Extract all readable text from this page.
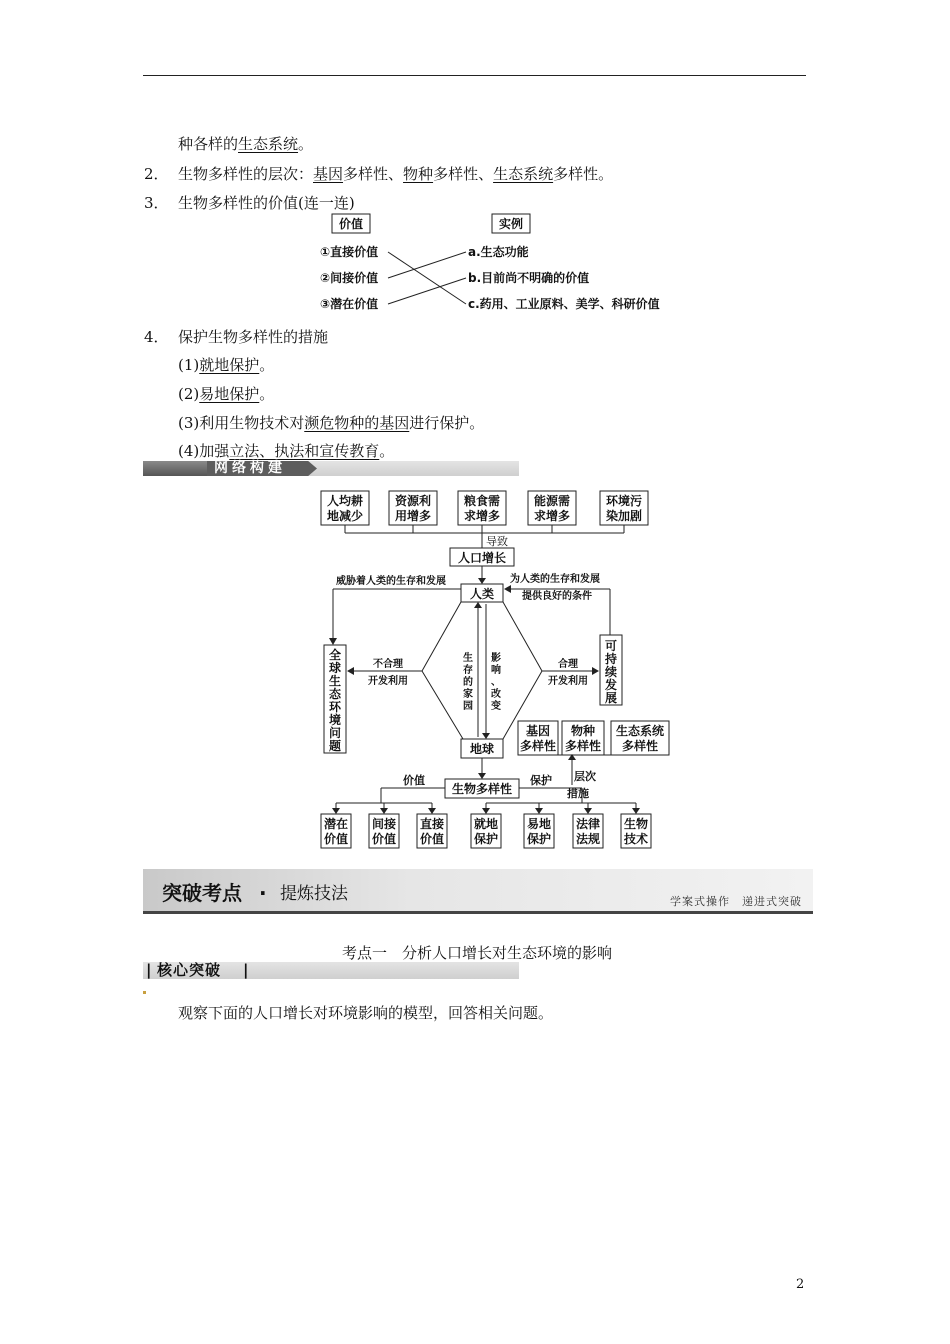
种各样的生态系统。
2． 生物多样性的层次：基因多样性、物种多样性、生态系统多样性。
3． 生物多样性的价值(连一连)
价值	实例
①直接价值
②间接价值
③潜在价值
a.生态功能
b.目前尚不明确的价值
c.药用、工业原料、美学、科研价值
4． 保护生物多样性的措施
(1)就地保护。
(2)易地保护。
(3)利用生物技术对濒危物种的基因进行保护。
(4)加强立法、执法和宣传教育。
网络构建
人均耕
地减少
资源利
用增多
粮食需
求增多
能源需
求增多
环境污
染加剧
导致
人口增长
人类
威胁着人类的生存和发展	为人类的生存和发展
提供良好的条件
全球生态环境问题
可持续发展
不合理
开发利用
合理
开发利用
生存的家园
影响、改变
地球
基因
多样性
物种
多样性
生态系统
多样性
层次
生物多样性
价值	保护
措施
潜在
价值
间接
价值
直接
价值
就地
保护
易地
保护
法律
法规
生物
技术
突破考点 · 提炼技法	学案式操作　递进式突破
考点一　分析人口增长对生态环境的影响
| 核心突破 |
观察下面的人口增长对环境影响的模型，回答相关问题。
2
